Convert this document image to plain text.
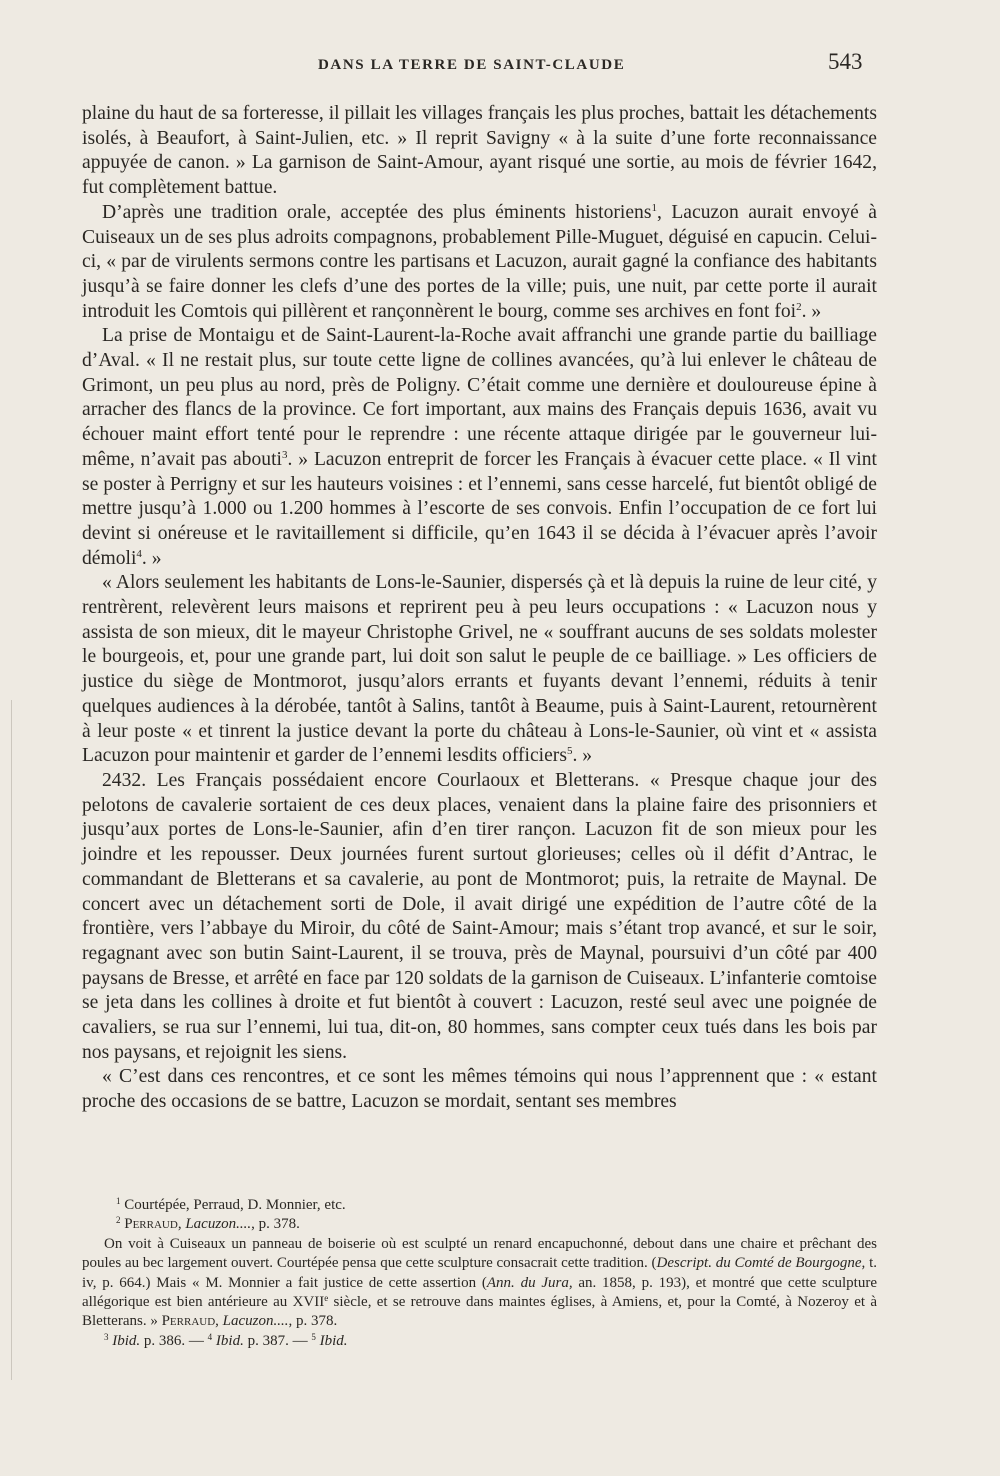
DANS LA TERRE DE SAINT-CLAUDE	543

plaine du haut de sa forteresse, il pillait les villages français les plus proches, battait les détachements isolés, à Beaufort, à Saint-Julien, etc. » Il reprit Savigny « à la suite d’une forte reconnaissance appuyée de canon. » La garnison de Saint-Amour, ayant risqué une sortie, au mois de février 1642, fut complètement battue.

D’après une tradition orale, acceptée des plus éminents historiens$^1$, Lacuzon aurait envoyé à Cuiseaux un de ses plus adroits compagnons, probablement Pille-Muguet, déguisé en capucin. Celui-ci, « par de virulents sermons contre les partisans et Lacuzon, aurait gagné la confiance des habitants jusqu’à se faire donner les clefs d’une des portes de la ville; puis, une nuit, par cette porte il aurait introduit les Comtois qui pillèrent et rançonnèrent le bourg, comme ses archives en font foi$^2$. »

La prise de Montaigu et de Saint-Laurent-la-Roche avait affranchi une grande partie du bailliage d’Aval. « Il ne restait plus, sur toute cette ligne de collines avancées, qu’à lui enlever le château de Grimont, un peu plus au nord, près de Poligny. C’était comme une dernière et douloureuse épine à arracher des flancs de la province. Ce fort important, aux mains des Français depuis 1636, avait vu échouer maint effort tenté pour le reprendre : une récente attaque dirigée par le gouverneur lui-même, n’avait pas abouti$^3$. » Lacuzon entreprit de forcer les Français à évacuer cette place. « Il vint se poster à Perrigny et sur les hauteurs voisines : et l’ennemi, sans cesse harcelé, fut bientôt obligé de mettre jusqu’à 1.000 ou 1.200 hommes à l’escorte de ses convois. Enfin l’occupation de ce fort lui devint si onéreuse et le ravitaillement si difficile, qu’en 1643 il se décida à l’évacuer après l’avoir démoli$^4$. »

« Alors seulement les habitants de Lons-le-Saunier, dispersés çà et là depuis la ruine de leur cité, y rentrèrent, relevèrent leurs maisons et reprirent peu à peu leurs occupations : « Lacuzon nous y assista de son mieux, dit le mayeur Christophe Grivel, ne « souffrant aucuns de ses soldats molester le bourgeois, et, pour une grande part, lui doit son salut le peuple de ce bailliage. » Les officiers de justice du siège de Montmorot, jusqu’alors errants et fuyants devant l’ennemi, réduits à tenir quelques audiences à la dérobée, tantôt à Salins, tantôt à Beaume, puis à Saint-Laurent, retournèrent à leur poste « et tinrent la justice devant la porte du château à Lons-le-Saunier, où vint et « assista Lacuzon pour maintenir et garder de l’ennemi lesdits officiers$^5$. »

2432. Les Français possédaient encore Courlaoux et Bletterans. « Presque chaque jour des pelotons de cavalerie sortaient de ces deux places, venaient dans la plaine faire des prisonniers et jusqu’aux portes de Lons-le-Saunier, afin d’en tirer rançon. Lacuzon fit de son mieux pour les joindre et les repousser. Deux journées furent surtout glorieuses; celles où il défit d’Antrac, le commandant de Bletterans et sa cavalerie, au pont de Montmorot; puis, la retraite de Maynal. De concert avec un détachement sorti de Dole, il avait dirigé une expédition de l’autre côté de la frontière, vers l’abbaye du Miroir, du côté de Saint-Amour; mais s’étant trop avancé, et sur le soir, regagnant avec son butin Saint-Laurent, il se trouva, près de Maynal, poursuivi d’un côté par 400 paysans de Bresse, et arrêté en face par 120 soldats de la garnison de Cuiseaux. L’infanterie comtoise se jeta dans les collines à droite et fut bientôt à couvert : Lacuzon, resté seul avec une poignée de cavaliers, se rua sur l’ennemi, lui tua, dit-on, 80 hommes, sans compter ceux tués dans les bois par nos paysans, et rejoignit les siens.

« C’est dans ces rencontres, et ce sont les mêmes témoins qui nous l’apprennent que : « estant proche des occasions de se battre, Lacuzon se mordait, sentant ses membres

$^1$ Courtépée, Perraud, D. Monnier, etc.

$^2$ Perraud, Lacuzon...., p. 378.

On voit à Cuiseaux un panneau de boiserie où est sculpté un renard encapuchonné, debout dans une chaire et prêchant des poules au bec largement ouvert. Courtépée pensa que cette sculpture consacrait cette tradition. (Descript. du Comté de Bourgogne, t. iv, p. 664.) Mais « M. Monnier a fait justice de cette assertion (Ann. du Jura, an. 1858, p. 193), et montré que cette sculpture allégorique est bien antérieure au XVIIe siècle, et se retrouve dans maintes églises, à Amiens, et, pour la Comté, à Nozeroy et à Bletterans. » Perraud, Lacuzon...., p. 378.

$^3$ Ibid. p. 386. — $^4$ Ibid. p. 387. — $^5$ Ibid.
